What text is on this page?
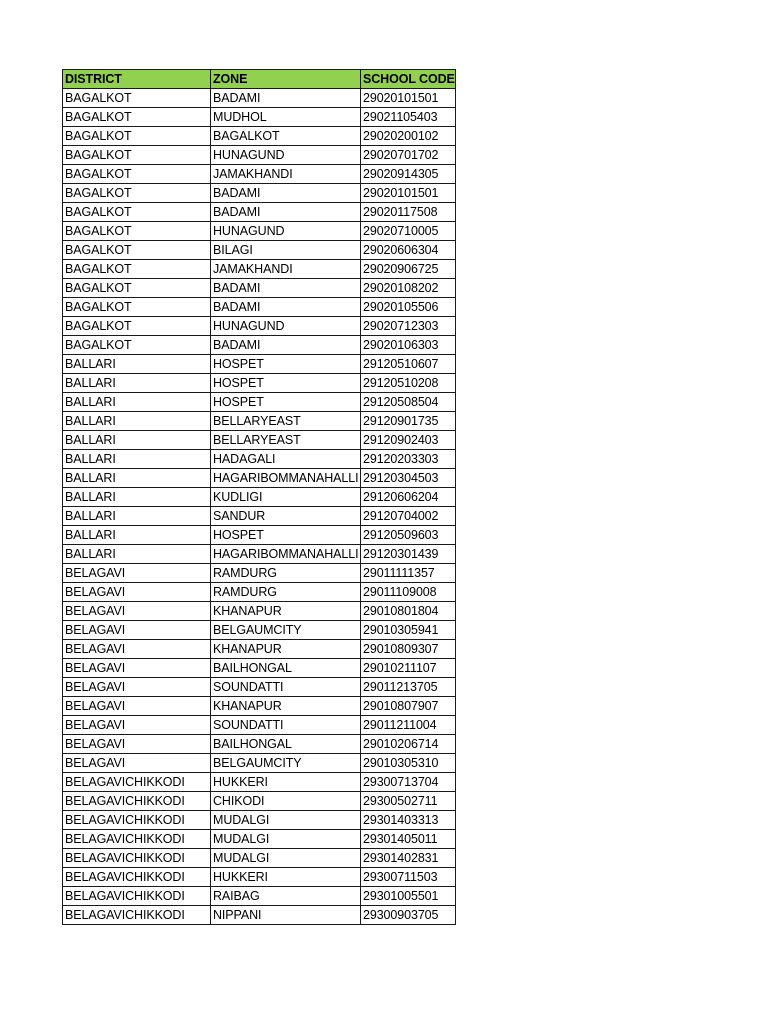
DISTRICT	ZONE	SCHOOL CODE
BAGALKOT	BADAMI	29020101501
BAGALKOT	MUDHOL	29021105403
BAGALKOT	BAGALKOT	29020200102
BAGALKOT	HUNAGUND	29020701702
BAGALKOT	JAMAKHANDI	29020914305
BAGALKOT	BADAMI	29020101501
BAGALKOT	BADAMI	29020117508
BAGALKOT	HUNAGUND	29020710005
BAGALKOT	BILAGI	29020606304
BAGALKOT	JAMAKHANDI	29020906725
BAGALKOT	BADAMI	29020108202
BAGALKOT	BADAMI	29020105506
BAGALKOT	HUNAGUND	29020712303
BAGALKOT	BADAMI	29020106303
BALLARI	HOSPET	29120510607
BALLARI	HOSPET	29120510208
BALLARI	HOSPET	29120508504
BALLARI	BELLARYEAST	29120901735
BALLARI	BELLARYEAST	29120902403
BALLARI	HADAGALI	29120203303
BALLARI	HAGARIBOMMANAHALLI	29120304503
BALLARI	KUDLIGI	29120606204
BALLARI	SANDUR	29120704002
BALLARI	HOSPET	29120509603
BALLARI	HAGARIBOMMANAHALLI	29120301439
BELAGAVI	RAMDURG	29011111357
BELAGAVI	RAMDURG	29011109008
BELAGAVI	KHANAPUR	29010801804
BELAGAVI	BELGAUMCITY	29010305941
BELAGAVI	KHANAPUR	29010809307
BELAGAVI	BAILHONGAL	29010211107
BELAGAVI	SOUNDATTI	29011213705
BELAGAVI	KHANAPUR	29010807907
BELAGAVI	SOUNDATTI	29011211004
BELAGAVI	BAILHONGAL	29010206714
BELAGAVI	BELGAUMCITY	29010305310
BELAGAVICHIKKODI	HUKKERI	29300713704
BELAGAVICHIKKODI	CHIKODI	29300502711
BELAGAVICHIKKODI	MUDALGI	29301403313
BELAGAVICHIKKODI	MUDALGI	29301405011
BELAGAVICHIKKODI	MUDALGI	29301402831
BELAGAVICHIKKODI	HUKKERI	29300711503
BELAGAVICHIKKODI	RAIBAG	29301005501
BELAGAVICHIKKODI	NIPPANI	29300903705
